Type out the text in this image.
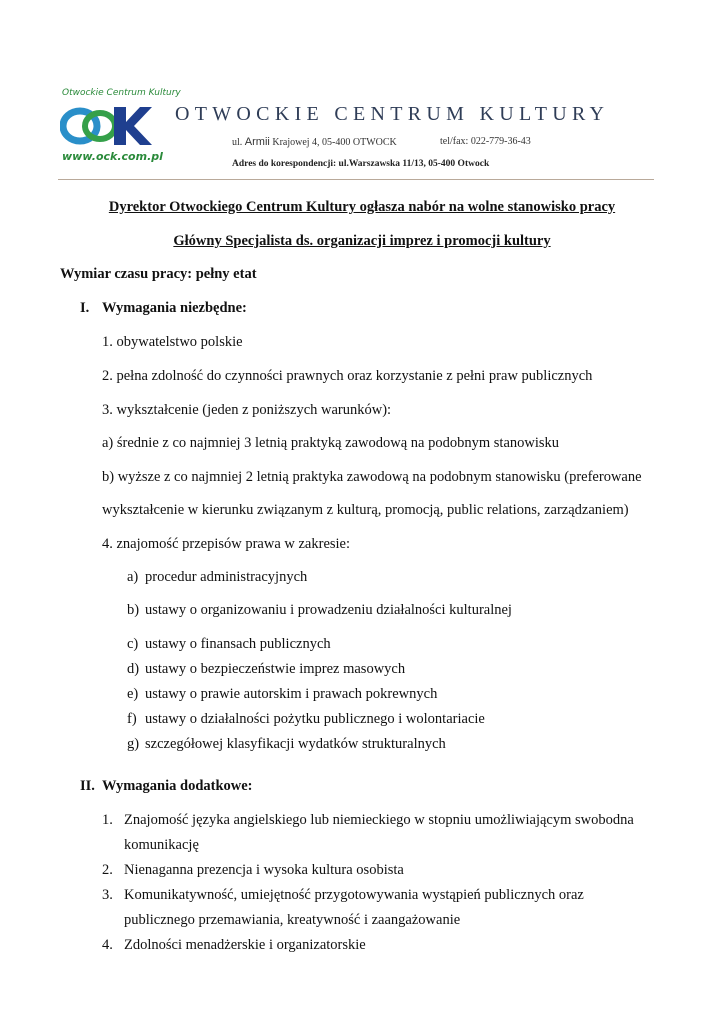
Otwockie Centrum Kultury
www.ock.com.pl
OTWOCKIE CENTRUM KULTURY
ul. Armii Krajowej 4, 05-400 OTWOCK	tel/fax: 022-779-36-43
Adres do korespondencji: ul.Warszawska 11/13, 05-400 Otwock
Dyrektor Otwockiego Centrum Kultury ogłasza nabór na wolne stanowisko pracy
Główny Specjalista ds. organizacji imprez i promocji kultury
Wymiar czasu pracy: pełny etat
I. Wymagania niezbędne:
1. obywatelstwo polskie
2. pełna zdolność do czynności prawnych oraz korzystanie z pełni praw publicznych
3. wykształcenie (jeden z poniższych warunków):
a) średnie z co najmniej 3 letnią praktyką zawodową na podobnym stanowisku
b) wyższe z co najmniej 2 letnią praktyka zawodową na podobnym stanowisku (preferowane
wykształcenie w kierunku związanym z kulturą, promocją, public relations, zarządzaniem)
4. znajomość przepisów prawa w zakresie:
a) procedur administracyjnych
b) ustawy o organizowaniu i prowadzeniu działalności kulturalnej
c) ustawy o finansach publicznych
d) ustawy o bezpieczeństwie imprez masowych
e) ustawy o prawie autorskim i prawach pokrewnych
f) ustawy o działalności pożytku publicznego i wolontariacie
g) szczegółowej klasyfikacji wydatków strukturalnych
II. Wymagania dodatkowe:
1. Znajomość języka angielskiego lub niemieckiego w stopniu umożliwiającym swobodna
komunikację
2. Nienaganna prezencja i wysoka kultura osobista
3. Komunikatywność, umiejętność przygotowywania wystąpień publicznych oraz
publicznego przemawiania, kreatywność i zaangażowanie
4. Zdolności menadżerskie i organizatorskie
